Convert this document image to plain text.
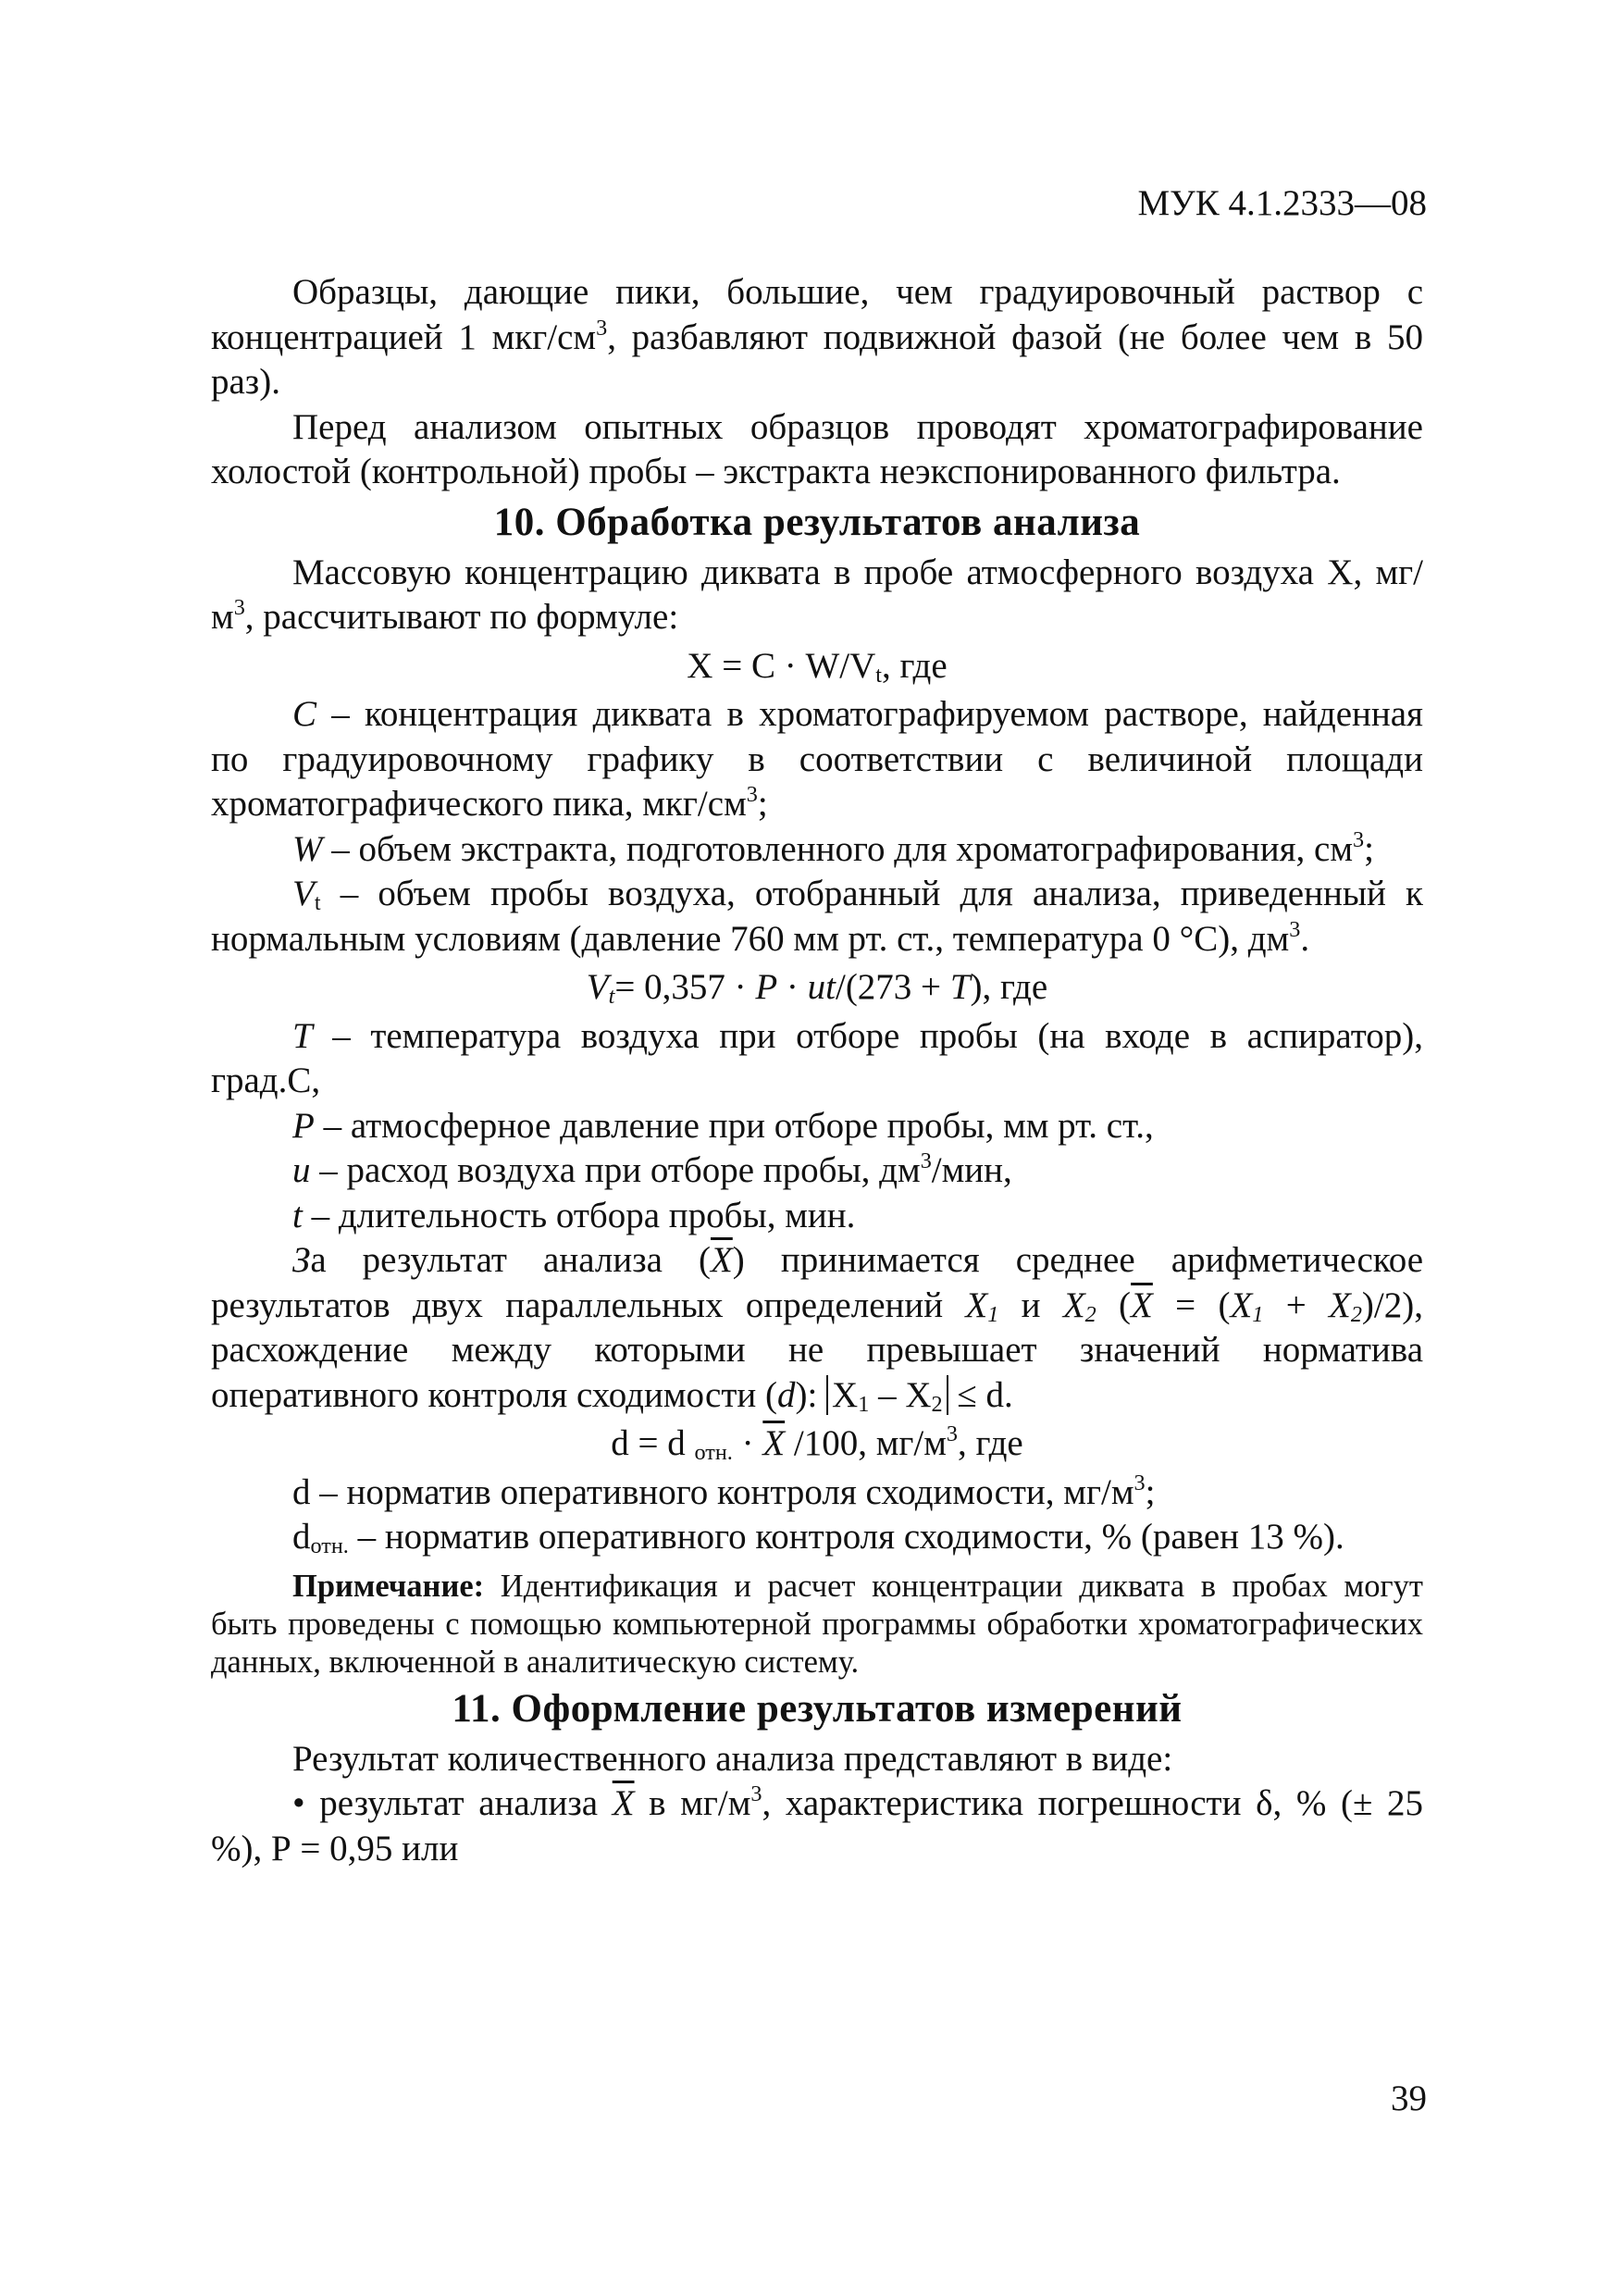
МУК 4.1.2333—08

Образцы, дающие пики, большие, чем градуировочный раствор с концентрацией 1 мкг/$см^3$, разбавляют подвижной фазой (не более чем в 50 раз).

Перед анализом опытных образцов проводят хроматографирование холостой (контрольной) пробы – экстракта неэкспонированного фильтра.

10. Обработка результатов анализа

Массовую концентрацию диквата в пробе атмосферного воздуха Х, $мг/м^3$, рассчитывают по формуле:

$Х = С \cdot W/V_t$, где

С – концентрация диквата в хроматографируемом растворе, найденная по градуировочному графику в соответствии с величиной площади хроматографического пика, мкг/$см^3$;

W – объем экстракта, подготовленного для хроматографирования, $см^3$;

$V_t$ – объем пробы воздуха, отобранный для анализа, приведенный к нормальным условиям (давление 760 мм рт. ст., температура 0 °С), $дм^3$.

$V_t= 0,357 \cdot P \cdot ut/(273 + T)$, где

Т – температура воздуха при отборе пробы (на входе в аспиратор), град.С,

Р – атмосферное давление при отборе пробы, мм рт. ст.,

u – расход воздуха при отборе пробы, $дм^3$/мин,

t – длительность отбора пробы, мин.

За результат анализа $(\overline{X})$ принимается среднее арифметическое результатов двух параллельных определений $X_1$ и $X_2$ $(\overline{X} = (X_1 + X_2)/2)$, расхождение между которыми не превышает значений норматива оперативного контроля сходимости (d): $Х_1 - Х_2 \le d$.

d = d $_{отн.} \cdot \overline{X}$ /100, $мг/м^3$, где

d – норматив оперативного контроля сходимости, $мг/м^3$;

$d_{отн.}$ – норматив оперативного контроля сходимости, % (равен 13 %).

Примечание: Идентификация и расчет концентрации диквата в пробах могут быть проведены с помощью компьютерной программы обработки хроматографических данных, включенной в аналитическую систему.

11. Оформление результатов измерений

Результат количественного анализа представляют в виде:

• результат анализа $\overline{X}$ в $мг/м^3$, характеристика погрешности δ, % (± 25 %), Р = 0,95 или

39
